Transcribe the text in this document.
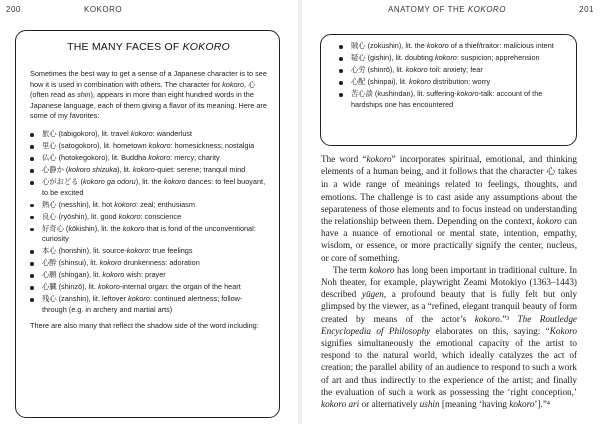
200	KOKORO
THE MANY FACES OF KOKORO

Sometimes the best way to get a sense of a Japanese character is to see how it is used in combination with others. The character for kokoro, 心 (often read as shin), appears in more than eight hundred words in the Japanese language, each of them giving a flavor of its meaning. Here are some of my favorites:

旅心 (tabigokoro), lit. travel kokoro: wanderlust
里心 (satogokoro), lit. hometown kokoro: homesickness; nostalgia
仏心 (hotokegokoro), lit. Buddha kokoro: mercy; charity
心静か (kokoro shizuka), lit. kokoro-quiet: serene; tranquil mind
心がおどる (kokoro ga odoru), lit. the kokoro dances: to feel buoyant, to be excited
熱心 (nesshin), lit. hot kokoro: zeal; enthusiasm
良心 (ryōshin), lit. good kokoro: conscience
好奇心 (kōkishin), lit. the kokoro that is fond of the unconventional: curiosity
本心 (honshin), lit. source-kokoro: true feelings
心酔 (shinsui), lit. kokoro drunkenness: adoration
心願 (shingan), lit. kokoro wish: prayer
心臓 (shinzō), lit. kokoro-internal organ: the organ of the heart
残心 (zanshin), lit. leftover kokoro: continued alertness; follow-through (e.g. in archery and martial arts)

There are also many that reflect the shadow side of the word including:

ANATOMY OF THE KOKORO	201
賊心 (zokushin), lit. the kokoro of a thief/traitor: malicious intent
疑心 (gishin), lit. doubting kokoro: suspicion; apprehension
心労 (shinrō), lit. kokoro toil: anxiety; fear
心配 (shinpai), lit. kokoro distribution: worry
苦心談 (kushindan), lit. suffering-kokoro-talk: account of the hardships one has encountered

The word “kokoro” incorporates spiritual, emotional, and thinking elements of a human being, and it follows that the character 心 takes in a wide range of meanings related to feelings, thoughts, and emotions. The challenge is to cast aside any assumptions about the separateness of those elements and to focus instead on understanding the relationship between them. Depending on the context, kokoro can have a nuance of emotional or mental state, intention, empathy, wisdom, or essence, or more practically signify the center, nucleus, or core of something.

The term kokoro has long been important in traditional culture. In Noh theater, for example, playwright Zeami Motokiyo (1363–1443) described yūgen, a profound beauty that is fully felt but only glimpsed by the viewer, as a “refined, elegant tranquil beauty of form created by means of the actor’s kokoro.”³ The Routledge Encyclopedia of Philosophy elaborates on this, saying: “Kokoro signifies simultaneously the emotional capacity of the artist to respond to the natural world, which ideally catalyzes the act of creation; the parallel ability of an audience to respond to such a work of art and thus indirectly to the experience of the artist; and finally the evaluation of such a work as possessing the ‘right conception,’ kokoro ari or alternatively ushin [meaning ‘having kokoro’].”⁴
